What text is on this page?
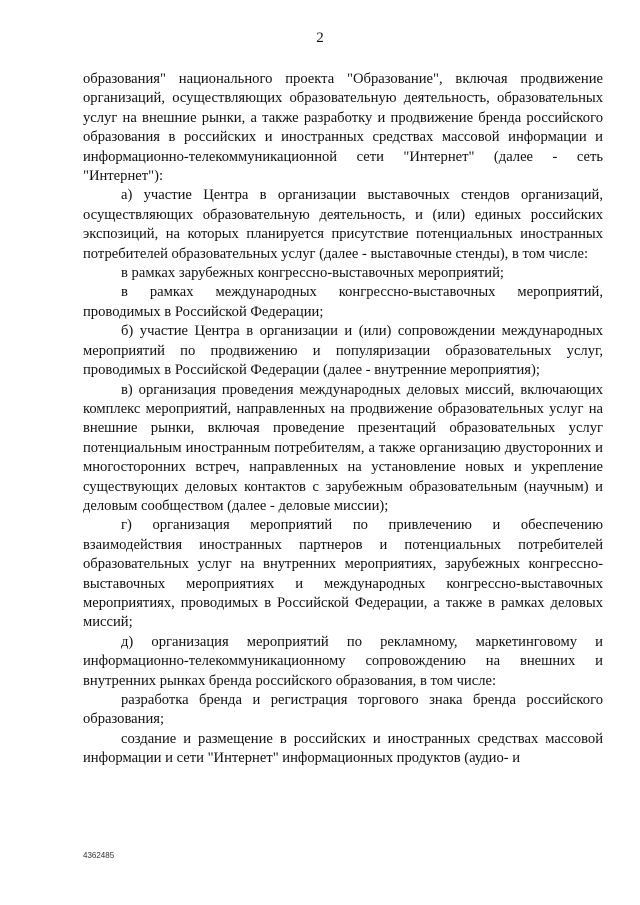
2

образования" национального проекта "Образование", включая продвижение организаций, осуществляющих образовательную деятельность, образовательных услуг на внешние рынки, а также разработку и продвижение бренда российского образования в российских и иностранных средствах массовой информации и информационно-телекоммуникационной сети "Интернет" (далее - сеть "Интернет"):

а) участие Центра в организации выставочных стендов организаций, осуществляющих образовательную деятельность, и (или) единых российских экспозиций, на которых планируется присутствие потенциальных иностранных потребителей образовательных услуг (далее - выставочные стенды), в том числе:

в рамках зарубежных конгрессно-выставочных мероприятий;

в рамках международных конгрессно-выставочных мероприятий, проводимых в Российской Федерации;

б) участие Центра в организации и (или) сопровождении международных мероприятий по продвижению и популяризации образовательных услуг, проводимых в Российской Федерации (далее - внутренние мероприятия);

в) организация проведения международных деловых миссий, включающих комплекс мероприятий, направленных на продвижение образовательных услуг на внешние рынки, включая проведение презентаций образовательных услуг потенциальным иностранным потребителям, а также организацию двусторонних и многосторонних встреч, направленных на установление новых и укрепление существующих деловых контактов с зарубежным образовательным (научным) и деловым сообществом (далее - деловые миссии);

г) организация мероприятий по привлечению и обеспечению взаимодействия иностранных партнеров и потенциальных потребителей образовательных услуг на внутренних мероприятиях, зарубежных конгрессно-выставочных мероприятиях и международных конгрессно-выставочных мероприятиях, проводимых в Российской Федерации, а также в рамках деловых миссий;

д) организация мероприятий по рекламному, маркетинговому и информационно-телекоммуникационному сопровождению на внешних и внутренних рынках бренда российского образования, в том числе:

разработка бренда и регистрация торгового знака бренда российского образования;

создание и размещение в российских и иностранных средствах массовой информации и сети "Интернет" информационных продуктов (аудио- и

4362485
